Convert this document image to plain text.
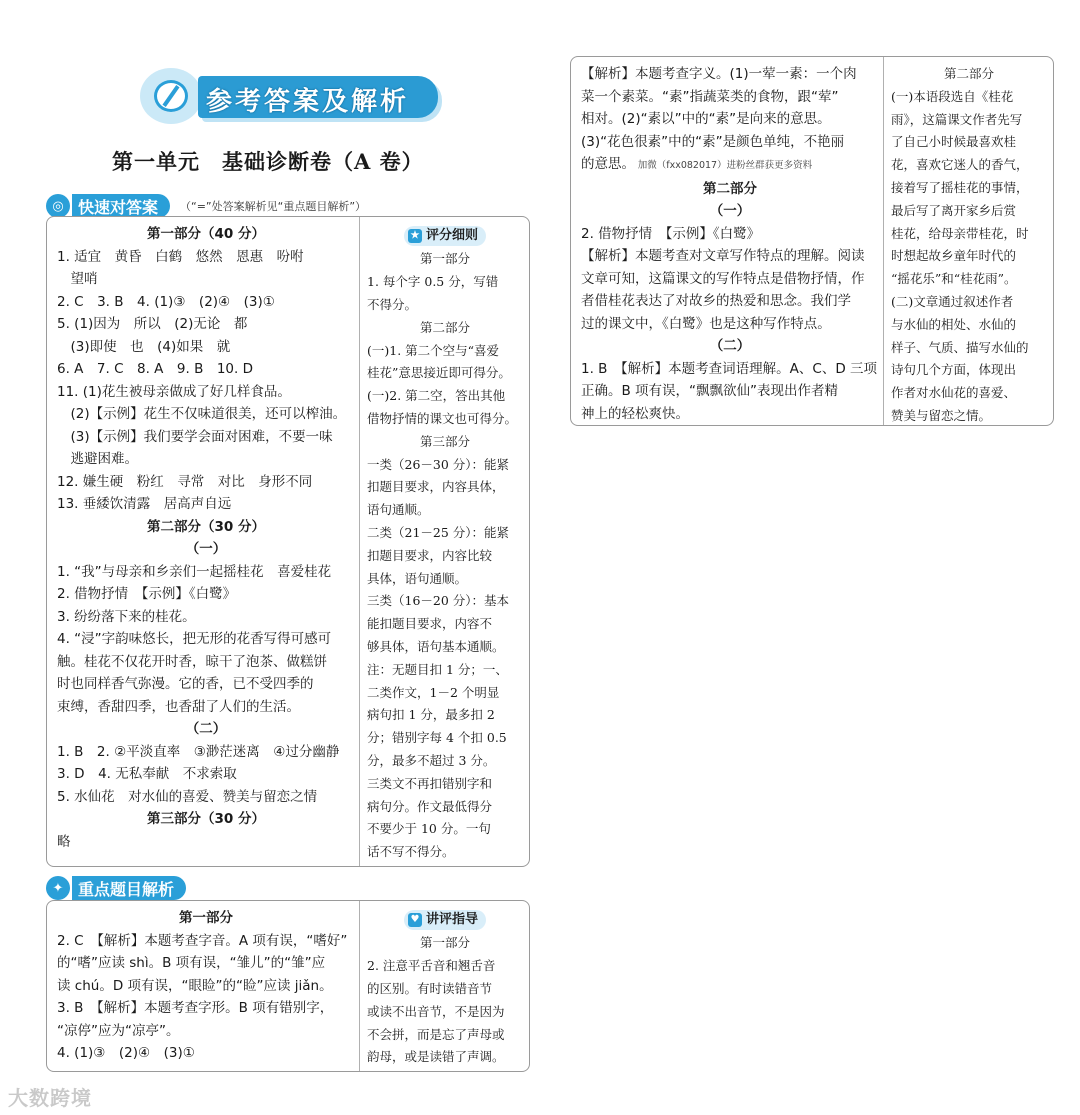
参考答案及解析
第一单元　基础诊断卷（A 卷）
◎ 快速对答案	（“=”处答案解析见“重点题目解析”）

第一部分（40 分）

1. 适宜　黄昏　白鹤　悠然　恩惠　吩咐

　望哨

2. C　3. B　4. (1)③　(2)④　(3)①

5. (1)因为　所以　(2)无论　都

　(3)即使　也　(4)如果　就

6. A　7. C　8. A　9. B　10. D

11. (1)花生被母亲做成了好几样食品。

　(2)【示例】花生不仅味道很美，还可以榨油。

　(3)【示例】我们要学会面对困难，不要一味

　逃避困难。

12. 嫌生硬　粉红　寻常　对比　身形不同

13. 垂緌饮清露　居高声自远

第二部分（30 分）

（一）

1. “我”与母亲和乡亲们一起摇桂花　喜爱桂花

2. 借物抒情　【示例】《白鹭》

3. 纷纷落下来的桂花。

4. “浸”字韵味悠长，把无形的花香写得可感可

触。桂花不仅花开时香，晾干了泡茶、做糕饼

时也同样香气弥漫。它的香，已不受四季的

束缚，香甜四季，也香甜了人们的生活。

（二）

1. B　2. ②平淡直率　③渺茫迷离　④过分幽静

3. D　4. 无私奉献　不求索取

5. 水仙花　对水仙的喜爱、赞美与留恋之情

第三部分（30 分）

略

★ 评分细则

第一部分

1. 每个字 0.5 分，写错

不得分。

第二部分

(一)1. 第二个空与“喜爱

桂花”意思接近即可得分。

(一)2. 第二空，答出其他

借物抒情的课文也可得分。

第三部分

一类（26－30 分）：能紧

扣题目要求，内容具体，

语句通顺。

二类（21－25 分）：能紧

扣题目要求，内容比较

具体，语句通顺。

三类（16－20 分）：基本

能扣题目要求，内容不

够具体，语句基本通顺。

注：无题目扣 1 分；一、

二类作文，1－2 个明显

病句扣 1 分，最多扣 2

分；错别字每 4 个扣 0.5

分，最多不超过 3 分。

三类文不再扣错别字和

病句分。作文最低得分

不要少于 10 分。一句

话不写不得分。

✦ 重点题目解析

第一部分

2. C　【解析】本题考查字音。A 项有误，“嗜好”

的“嗜”应读 shì。B 项有误，“雏儿”的“雏”应

读 chú。D 项有误，“眼睑”的“睑”应读 jiǎn。

3. B　【解析】本题考查字形。B 项有错别字，

“凉停”应为“凉亭”。

4. (1)③　(2)④　(3)①

♥ 讲评指导

第一部分

2. 注意平舌音和翘舌音

的区别。有时读错音节

或读不出音节，不是因为

不会拼，而是忘了声母或

韵母，或是读错了声调。

【解析】本题考查字义。(1)一荤一素：一个肉

菜一个素菜。“素”指蔬菜类的食物，跟“荤”

相对。(2)“素以”中的“素”是向来的意思。

(3)“花色很素”中的“素”是颜色单纯，不艳丽

的意思。　加微（fxx082017）进粉丝群获更多资料

第二部分

（一）

2. 借物抒情　【示例】《白鹭》

【解析】本题考查对文章写作特点的理解。阅读

文章可知，这篇课文的写作特点是借物抒情，作

者借桂花表达了对故乡的热爱和思念。我们学

过的课文中，《白鹭》也是这种写作特点。

（二）

1. B　【解析】本题考查词语理解。A、C、D 三项

正确。B 项有误，“飘飘欲仙”表现出作者精

神上的轻松爽快。

第二部分

(一)本语段选自《桂花

雨》，这篇课文作者先写

了自己小时候最喜欢桂

花，喜欢它迷人的香气，

接着写了摇桂花的事情，

最后写了离开家乡后赏

桂花，给母亲带桂花，时

时想起故乡童年时代的

“摇花乐”和“桂花雨”。

(二)文章通过叙述作者

与水仙的相处、水仙的

样子、气质、描写水仙的

诗句几个方面，体现出

作者对水仙花的喜爱、

赞美与留恋之情。

大数跨境
